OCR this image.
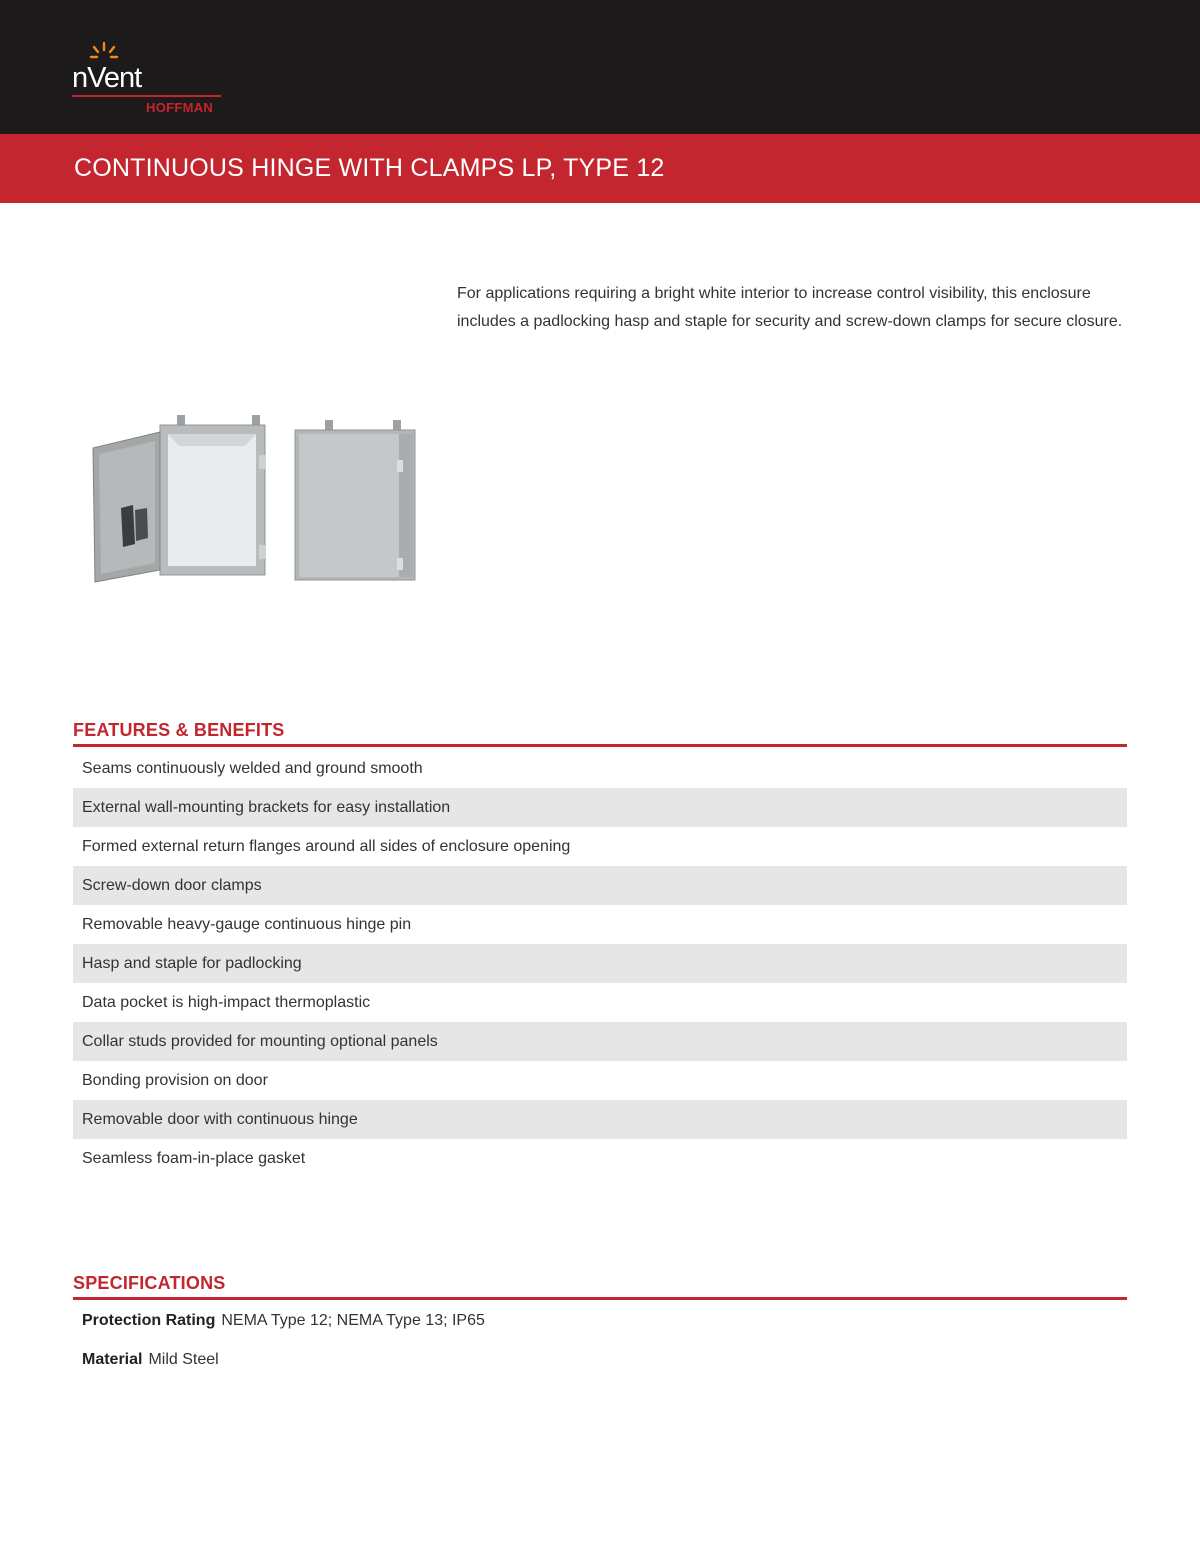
nVent
HOFFMAN
CONTINUOUS HINGE WITH CLAMPS LP, TYPE 12

For applications requiring a bright white interior to increase control visibility, this enclosure includes a padlocking hasp and staple for security and screw-down clamps for secure closure.

FEATURES & BENEFITS
Seams continuously welded and ground smooth
External wall-mounting brackets for easy installation
Formed external return flanges around all sides of enclosure opening
Screw-down door clamps
Removable heavy-gauge continuous hinge pin
Hasp and staple for padlocking
Data pocket is high-impact thermoplastic
Collar studs provided for mounting optional panels
Bonding provision on door
Removable door with continuous hinge
Seamless foam-in-place gasket
SPECIFICATIONS
Protection Rating NEMA Type 12; NEMA Type 13; IP65
Material Mild Steel
